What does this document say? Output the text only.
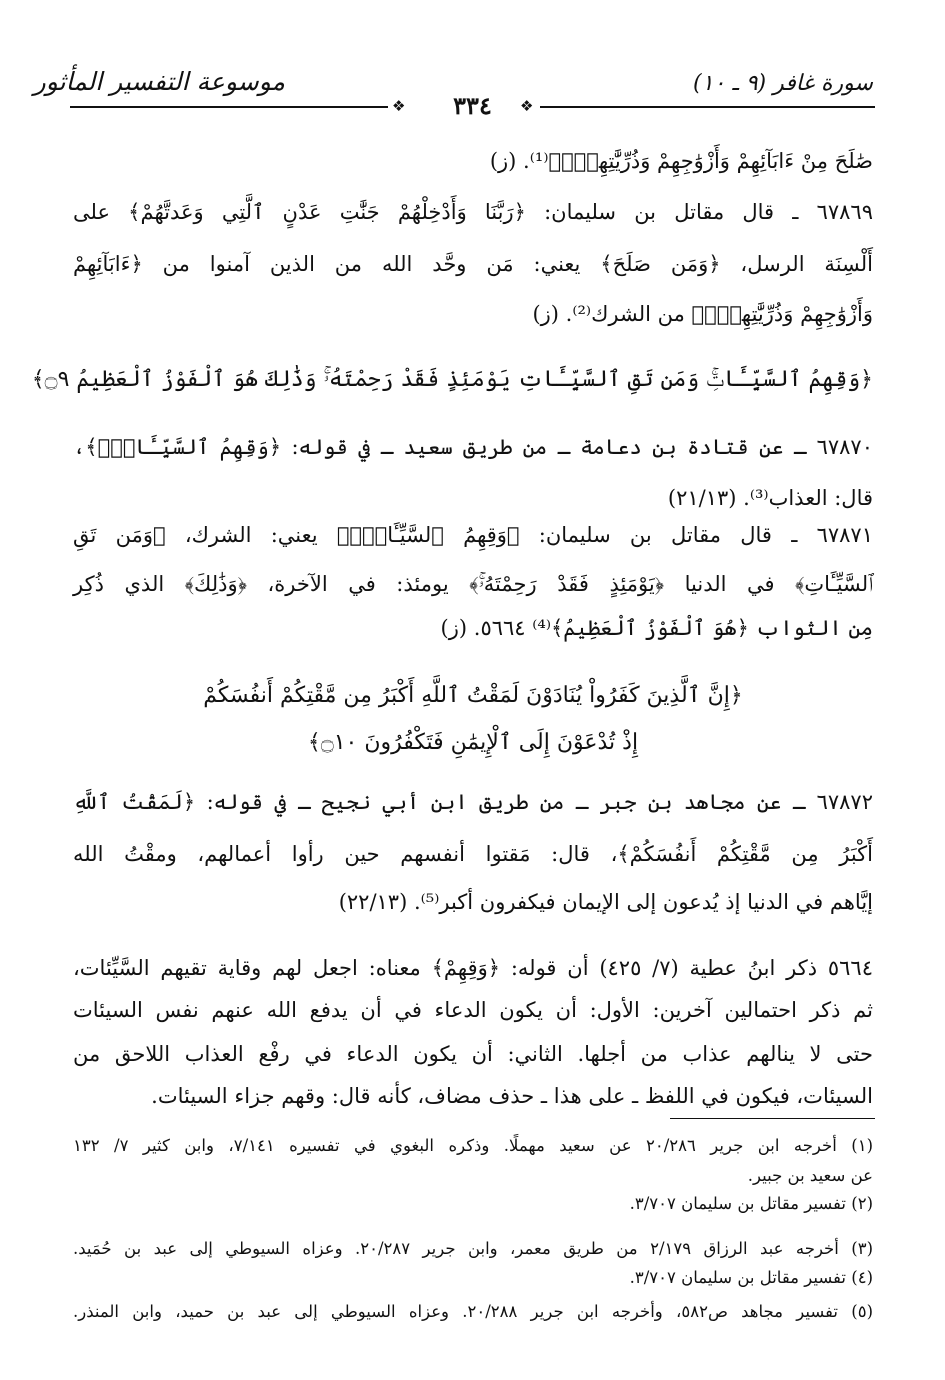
موسوعة التفسير المأثور	سورة غافر (٩ ـ ١٠)
❖	٣٣٤	❖
صَٰلَحَ مِنْ ءَابَآئِهِمْ وَأَزْوَٰجِهِمْ وَذُرِّيَّٰتِهِمْۚ﴾⁽¹⁾. (ز)
٦٧٨٦٩ ـ قال مقاتل بن سليمان: ﴿رَبَّنَا وَأَدْخِلْهُمْ جَنَّٰتِ عَدْنٍ ٱلَّتِي وَعَدتَّهُمْ﴾ على
أَلْسِنَة الرسل، ﴿وَمَن صَلَحَ﴾ يعني: مَن وحَّد الله من الذين آمنوا من ﴿ءَابَآئِهِمْ
وَأَزْوَٰجِهِمْ وَذُرِّيَّٰتِهِمْۚ﴾ من الشرك⁽²⁾. (ز)
﴿وَقِهِمُ ٱلسَّيِّـَٔاتِۚ وَمَن تَقِ ٱلسَّيِّـَٔاتِ يَوْمَئِذٍ فَقَدْ رَحِمْتَهُۥۚ وَذَٰلِكَ هُوَ ٱلْفَوْزُ ٱلْعَظِيمُ ۝٩﴾
٦٧٨٧٠ ـ عن قتادة بن دعامة ـ من طريق سعيد ـ في قوله: ﴿وَقِهِمُ ٱلسَّيِّـَٔاتِۚ﴾،
قال: العذاب⁽³⁾. (٢١/١٣)
٦٧٨٧١ ـ قال مقاتل بن سليمان: ﴿وَقِهِمُ ٱلسَّيِّـَٔاتِۚ﴾ يعني: الشرك، ﴿وَمَن تَقِ
ٱلسَّيِّـَٔاتِ﴾ في الدنيا ﴿يَوْمَئِذٍ فَقَدْ رَحِمْتَهُۥۚ﴾ يومئذ: في الآخرة، ﴿وَذَٰلِكَ﴾ الذي ذُكِر
مِن الثواب ﴿هُوَ ٱلْفَوْزُ ٱلْعَظِيمُ﴾⁽⁴⁾ ٥٦٦٤. (ز)
﴿إِنَّ ٱلَّذِينَ كَفَرُواْ يُنَادَوْنَ لَمَقْتُ ٱللَّهِ أَكْبَرُ مِن مَّقْتِكُمْ أَنفُسَكُمْ
إِذْ تُدْعَوْنَ إِلَى ٱلْإِيمَٰنِ فَتَكْفُرُونَ ۝١٠﴾
٦٧٨٧٢ ـ عن مجاهد بن جبر ـ من طريق ابن أبي نجيح ـ في قوله: ﴿لَمَقْتُ ٱللَّهِ
أَكْبَرُ مِن مَّقْتِكُمْ أَنفُسَكُمْ﴾، قال: مَقتوا أنفسهم حين رأوا أعمالهم، ومقْتُ الله
إيَّاهم في الدنيا إذ يُدعون إلى الإيمان فيكفرون أكبر⁽⁵⁾. (٢٢/١٣)
٥٦٦٤ ذكر ابنُ عطية (٧/ ٤٢٥) أن قوله: ﴿وَقِهِمْ﴾ معناه: اجعل لهم وقاية تقيهم السَّيِّئات،
ثم ذكر احتمالين آخرين: الأول: أن يكون الدعاء في أن يدفع الله عنهم نفس السيئات
حتى لا ينالهم عذاب من أجلها. الثاني: أن يكون الدعاء في رفْع العذاب اللاحق من
السيئات، فيكون في اللفظ ـ على هذا ـ حذف مضاف، كأنه قال: وقهم جزاء السيئات.
(١) أخرجه ابن جرير ٢٠/٢٨٦ عن سعيد مهملًا. وذكره البغوي في تفسيره ٧/١٤١، وابن كثير ٧/ ١٣٢
عن سعيد بن جبير.
(٢) تفسير مقاتل بن سليمان ٣/٧٠٧.
(٣) أخرجه عبد الرزاق ٢/١٧٩ من طريق معمر، وابن جرير ٢٠/٢٨٧. وعزاه السيوطي إلى عبد بن حُمَيد.
(٤) تفسير مقاتل بن سليمان ٣/٧٠٧.
(٥) تفسير مجاهد ص٥٨٢، وأخرجه ابن جرير ٢٠/٢٨٨. وعزاه السيوطي إلى عبد بن حميد، وابن المنذر.
